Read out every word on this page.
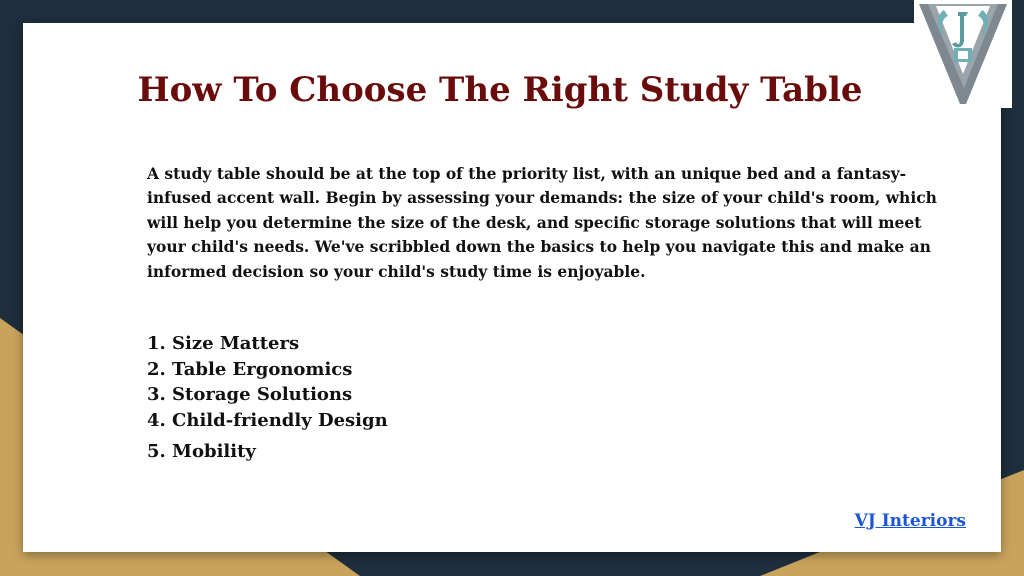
How To Choose The Right Study Table

A study table should be at the top of the priority list, with an unique bed and a fantasy-infused accent wall. Begin by assessing your demands: the size of your child's room, which will help you determine the size of the desk, and specific storage solutions that will meet your child's needs. We've scribbled down the basics to help you navigate this and make an informed decision so your child's study time is enjoyable.

1. Size Matters
2. Table Ergonomics
3. Storage Solutions
4. Child-friendly Design
5. Mobility
VJ Interiors
